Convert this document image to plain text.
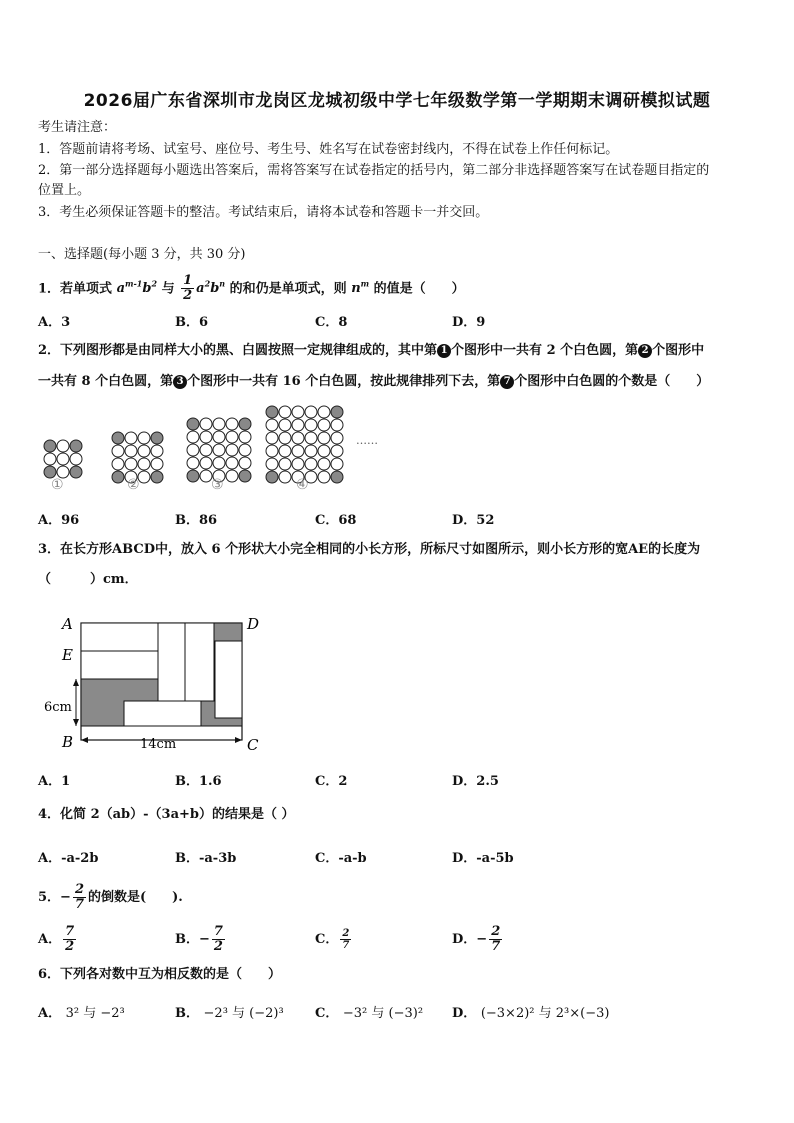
2026届广东省深圳市龙岗区龙城初级中学七年级数学第一学期期末调研模拟试题
考生请注意：
1．答题前请将考场、试室号、座位号、考生号、姓名写在试卷密封线内，不得在试卷上作任何标记。
2．第一部分选择题每小题选出答案后，需将答案写在试卷指定的括号内，第二部分非选择题答案写在试卷题目指定的
位置上。
3．考生必须保证答题卡的整洁。考试结束后，请将本试卷和答题卡一并交回。
一、选择题(每小题 3 分，共 30 分)
1．若单项式 $a^{m-1}b^2$ 与 $\frac{1}{2} a^2b^n$ 的和仍是单项式，则 $n^m$ 的值是（　　）
A．3	B．6	C．8	D．9
2．下列图形都是由同样大小的黑、白圆按照一定规律组成的，其中第 1 个图形中一共有 2 个白色圆，第 2 个图形中
一共有 8 个白色圆，第 3 个图形中一共有 16 个白色圆，按此规律排列下去，第 7 个图形中白色圆的个数是（　　）
……
①	②	③	④
A．96	B．86	C．68	D．52
3．在长方形ABCD中，放入 6 个形状大小完全相同的小长方形，所标尺寸如图所示，则小长方形的宽AE的长度为
（　　　）cm．
A	D
E
B	C
6cm
14cm
A．1	B．1.6	C．2	D．2.5
4．化简 2（ab）-（3a+b）的结果是（ ）
A．-a-2b	B．-a-3b	C．-a-b	D．-a-5b
5．− $\frac{2}{7}$ 的倒数是(　　).
A． $\frac{7}{2}$	B．− $\frac{7}{2}$	C． $\frac{2}{7}$	D．− $\frac{2}{7}$
6．下列各对数中互为相反数的是（　　）
A． 3² 与 −2³	B． −2³ 与 (−2)³ C． −3² 与 (−3)² D． (−3×2)² 与 2³×(−3)
